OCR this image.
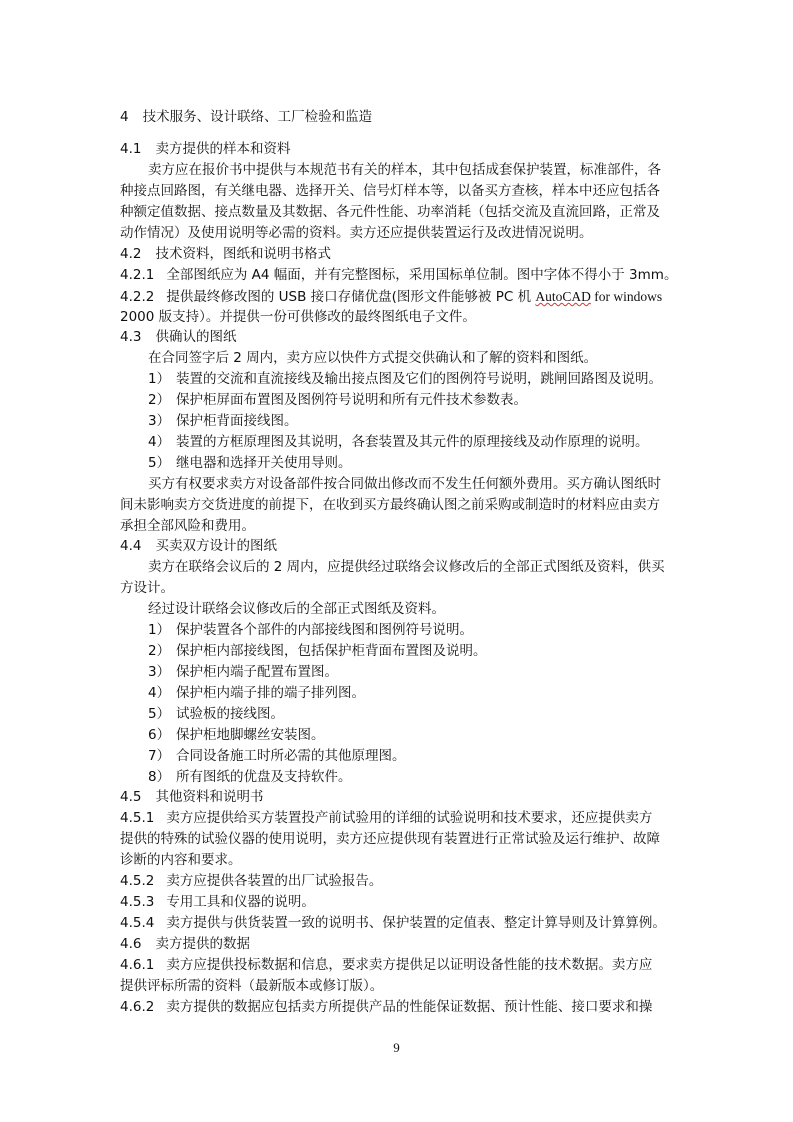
4 技术服务、设计联络、工厂检验和监造
4.1 卖方提供的样本和资料
卖方应在报价书中提供与本规范书有关的样本，其中包括成套保护装置，标准部件，各
种接点回路图，有关继电器、选择开关、信号灯样本等，以备买方查核，样本中还应包括各
种额定值数据、接点数量及其数据、各元件性能、功率消耗（包括交流及直流回路，正常及
动作情况）及使用说明等必需的资料。卖方还应提供装置运行及改进情况说明。
4.2 技术资料，图纸和说明书格式
4.2.1 全部图纸应为 A4 幅面，并有完整图标，采用国标单位制。图中字体不得小于 3mm。
4.2.2 提供最终修改图的 USB 接口存储优盘(图形文件能够被 PC 机 AutoCAD for windows
2000 版支持）。并提供一份可供修改的最终图纸电子文件。
4.3 供确认的图纸
在合同签字后 2 周内，卖方应以快件方式提交供确认和了解的资料和图纸。
1） 装置的交流和直流接线及输出接点图及它们的图例符号说明，跳闸回路图及说明。
2） 保护柜屏面布置图及图例符号说明和所有元件技术参数表。
3） 保护柜背面接线图。
4） 装置的方框原理图及其说明，各套装置及其元件的原理接线及动作原理的说明。
5） 继电器和选择开关使用导则。
买方有权要求卖方对设备部件按合同做出修改而不发生任何额外费用。买方确认图纸时
间未影响卖方交货进度的前提下，在收到买方最终确认图之前采购或制造时的材料应由卖方
承担全部风险和费用。
4.4 买卖双方设计的图纸
卖方在联络会议后的 2 周内，应提供经过联络会议修改后的全部正式图纸及资料，供买
方设计。
经过设计联络会议修改后的全部正式图纸及资料。
1） 保护装置各个部件的内部接线图和图例符号说明。
2） 保护柜内部接线图，包括保护柜背面布置图及说明。
3） 保护柜内端子配置布置图。
4） 保护柜内端子排的端子排列图。
5） 试验板的接线图。
6） 保护柜地脚螺丝安装图。
7） 合同设备施工时所必需的其他原理图。
8） 所有图纸的优盘及支持软件。
4.5 其他资料和说明书
4.5.1 卖方应提供给买方装置投产前试验用的详细的试验说明和技术要求，还应提供卖方
提供的特殊的试验仪器的使用说明，卖方还应提供现有装置进行正常试验及运行维护、故障
诊断的内容和要求。
4.5.2 卖方应提供各装置的出厂试验报告。
4.5.3 专用工具和仪器的说明。
4.5.4 卖方提供与供货装置一致的说明书、保护装置的定值表、整定计算导则及计算算例。
4.6 卖方提供的数据
4.6.1 卖方应提供投标数据和信息，要求卖方提供足以证明设备性能的技术数据。卖方应
提供评标所需的资料（最新版本或修订版）。
4.6.2 卖方提供的数据应包括卖方所提供产品的性能保证数据、预计性能、接口要求和操
9
